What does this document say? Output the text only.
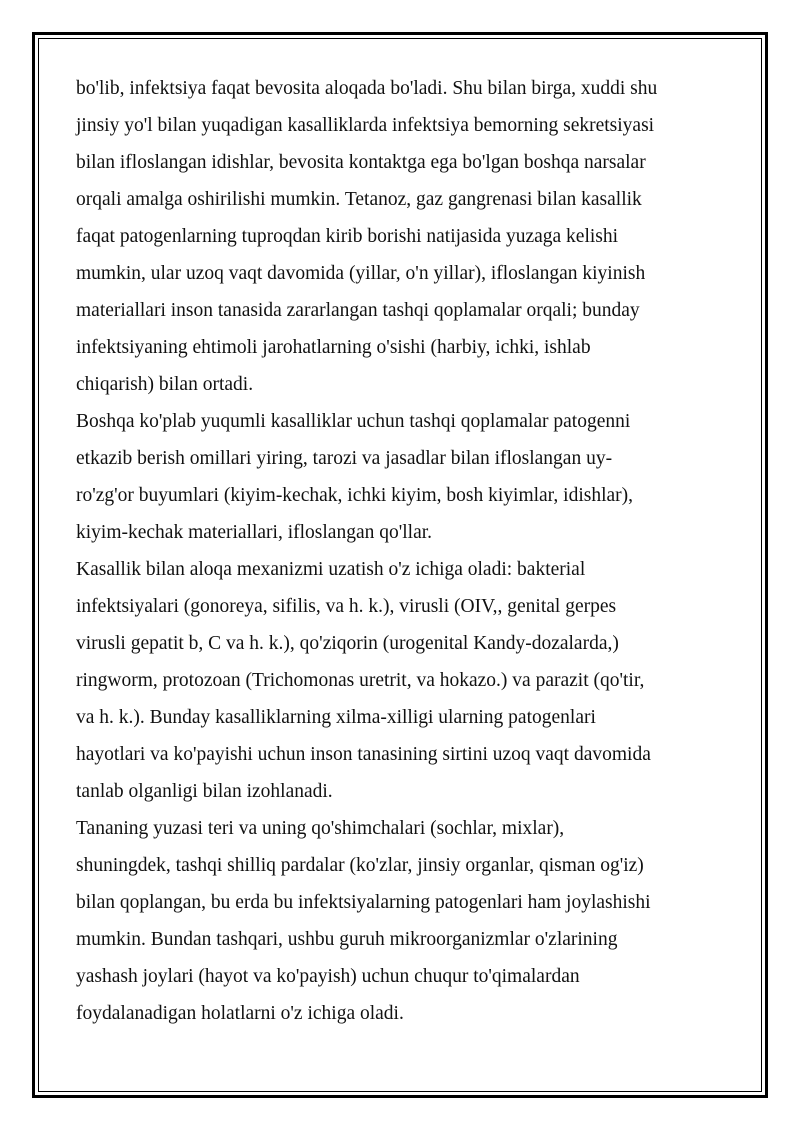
bo'lib, infektsiya faqat bevosita aloqada bo'ladi. Shu bilan birga, xuddi shu
jinsiy yo'l bilan yuqadigan kasalliklarda infektsiya bemorning sekretsiyasi
bilan ifloslangan idishlar, bevosita kontaktga ega bo'lgan boshqa narsalar
orqali amalga oshirilishi mumkin. Tetanoz, gaz gangrenasi bilan kasallik
faqat patogenlarning tuproqdan kirib borishi natijasida yuzaga kelishi
mumkin, ular uzoq vaqt davomida (yillar, o'n yillar), ifloslangan kiyinish
materiallari inson tanasida zararlangan tashqi qoplamalar orqali; bunday
infektsiyaning ehtimoli jarohatlarning o'sishi (harbiy, ichki, ishlab
chiqarish) bilan ortadi.
Boshqa ko'plab yuqumli kasalliklar uchun tashqi qoplamalar patogenni
etkazib berish omillari yiring, tarozi va jasadlar bilan ifloslangan uy-
ro'zg'or buyumlari (kiyim-kechak, ichki kiyim, bosh kiyimlar, idishlar),
kiyim-kechak materiallari, ifloslangan qo'llar.
Kasallik bilan aloqa mexanizmi uzatish o'z ichiga oladi: bakterial
infektsiyalari (gonoreya, sifilis, va h. k.), virusli (OIV,, genital gerpes
virusli gepatit b, C va h. k.), qo'ziqorin (urogenital Kandy-dozalarda,)
ringworm, protozoan (Trichomonas uretrit, va hokazo.) va parazit (qo'tir,
va h. k.). Bunday kasalliklarning xilma-xilligi ularning patogenlari
hayotlari va ko'payishi uchun inson tanasining sirtini uzoq vaqt davomida
tanlab olganligi bilan izohlanadi.
Tananing yuzasi teri va uning qo'shimchalari (sochlar, mixlar),
shuningdek, tashqi shilliq pardalar (ko'zlar, jinsiy organlar, qisman og'iz)
bilan qoplangan, bu erda bu infektsiyalarning patogenlari ham joylashishi
mumkin. Bundan tashqari, ushbu guruh mikroorganizmlar o'zlarining
yashash joylari (hayot va ko'payish) uchun chuqur to'qimalardan
foydalanadigan holatlarni o'z ichiga oladi.
